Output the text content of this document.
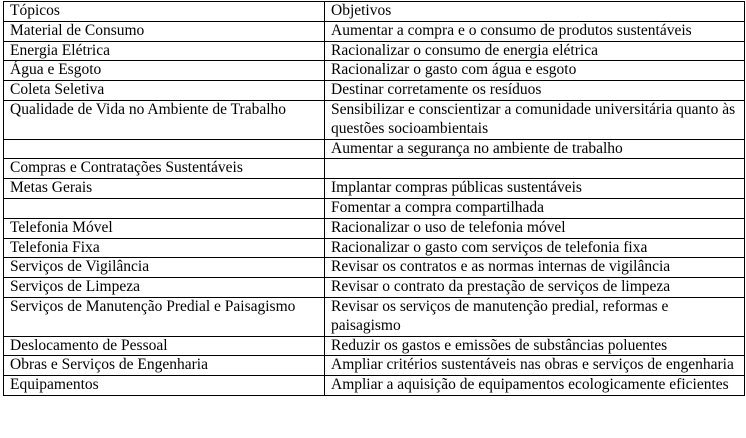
Tópicos	Objetivos
Material de Consumo	Aumentar a compra e o consumo de produtos sustentáveis
Energia Elétrica	Racionalizar o consumo de energia elétrica
Água e Esgoto	Racionalizar o gasto com água e esgoto
Coleta Seletiva	Destinar corretamente os resíduos
Qualidade de Vida no Ambiente de Trabalho	Sensibilizar e conscientizar a comunidade universitária quanto às questões socioambientais
	Aumentar a segurança no ambiente de trabalho
Compras e Contratações Sustentáveis	
Metas Gerais	Implantar compras públicas sustentáveis
	Fomentar a compra compartilhada
Telefonia Móvel	Racionalizar o uso de telefonia móvel
Telefonia Fixa	Racionalizar o gasto com serviços de telefonia fixa
Serviços de Vigilância	Revisar os contratos e as normas internas de vigilância
Serviços de Limpeza	Revisar o contrato da prestação de serviços de limpeza
Serviços de Manutenção Predial e Paisagismo	Revisar os serviços de manutenção predial, reformas e paisagismo
Deslocamento de Pessoal	Reduzir os gastos e emissões de substâncias poluentes
Obras e Serviços de Engenharia	Ampliar critérios sustentáveis nas obras e serviços de engenharia
Equipamentos	Ampliar a aquisição de equipamentos ecologicamente eficientes
